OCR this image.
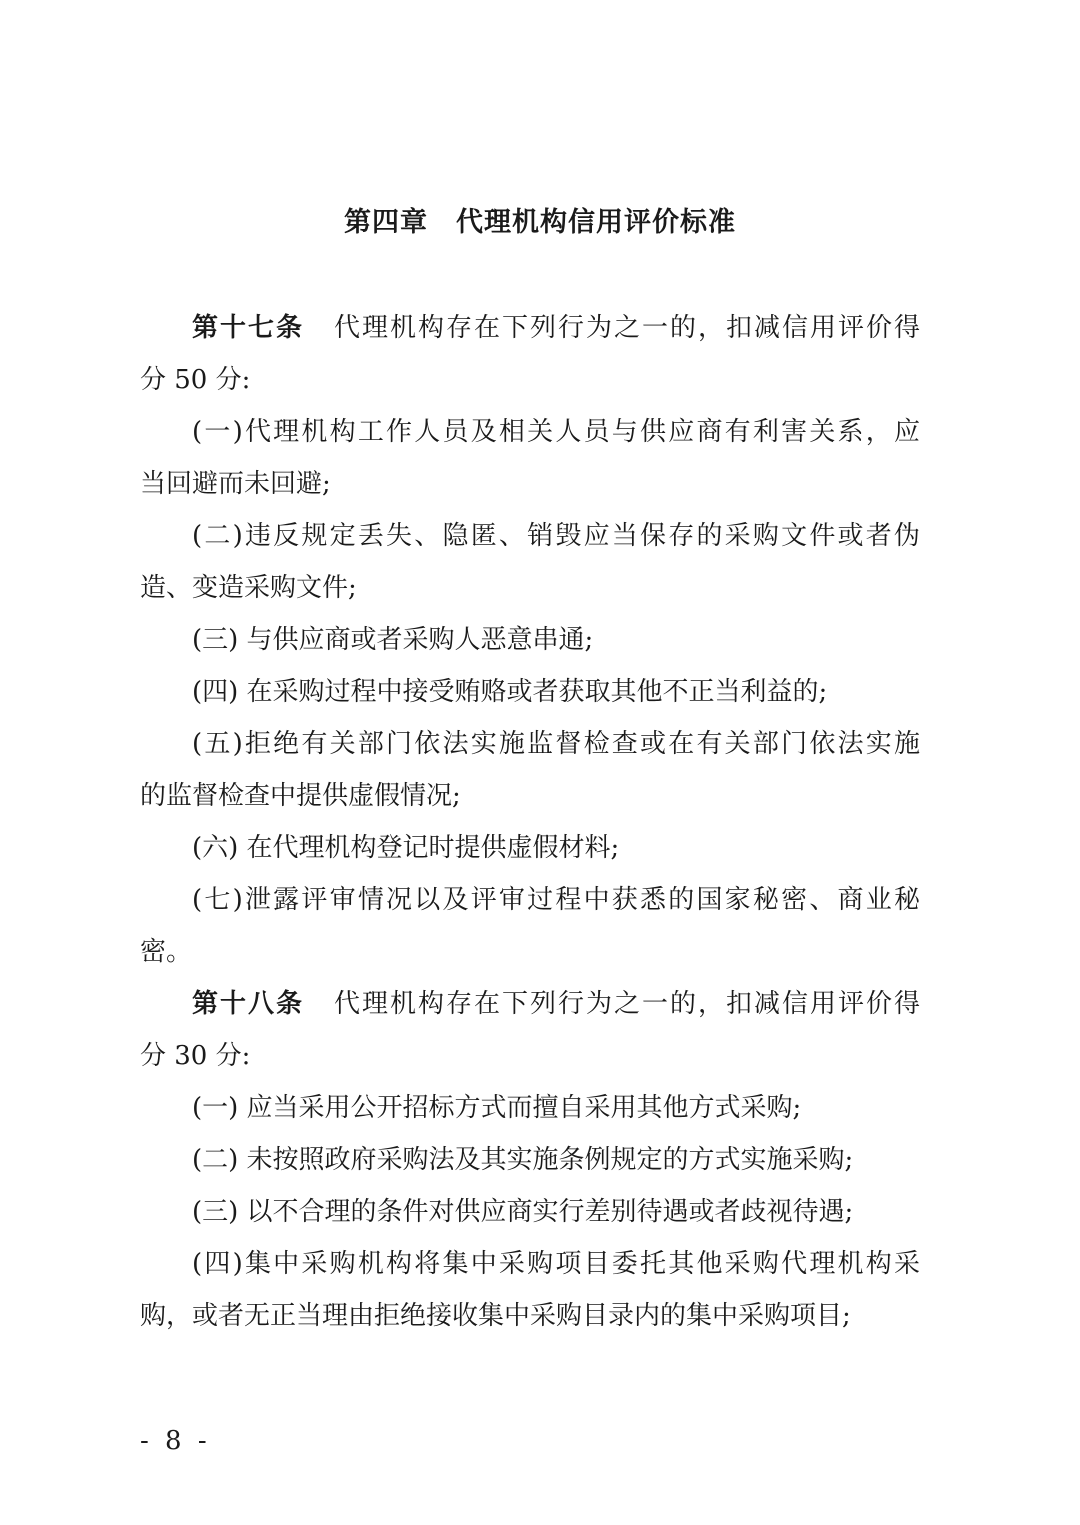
第四章　代理机构信用评价标准
第十七条 代理机构存在下列行为之一的，扣减信用评价得
分 50 分:
(一)代理机构工作人员及相关人员与供应商有利害关系，应
当回避而未回避;
(二)违反规定丢失、隐匿、销毁应当保存的采购文件或者伪
造、变造采购文件;
(三) 与供应商或者采购人恶意串通;
(四) 在采购过程中接受贿赂或者获取其他不正当利益的;
(五)拒绝有关部门依法实施监督检查或在有关部门依法实施
的监督检查中提供虚假情况;
(六) 在代理机构登记时提供虚假材料;
(七)泄露评审情况以及评审过程中获悉的国家秘密、商业秘
密。
第十八条 代理机构存在下列行为之一的，扣减信用评价得
分 30 分:
(一) 应当采用公开招标方式而擅自采用其他方式采购;
(二) 未按照政府采购法及其实施条例规定的方式实施采购;
(三) 以不合理的条件对供应商实行差别待遇或者歧视待遇;
(四)集中采购机构将集中采购项目委托其他采购代理机构采
购，或者无正当理由拒绝接收集中采购目录内的集中采购项目;
- 8 -
